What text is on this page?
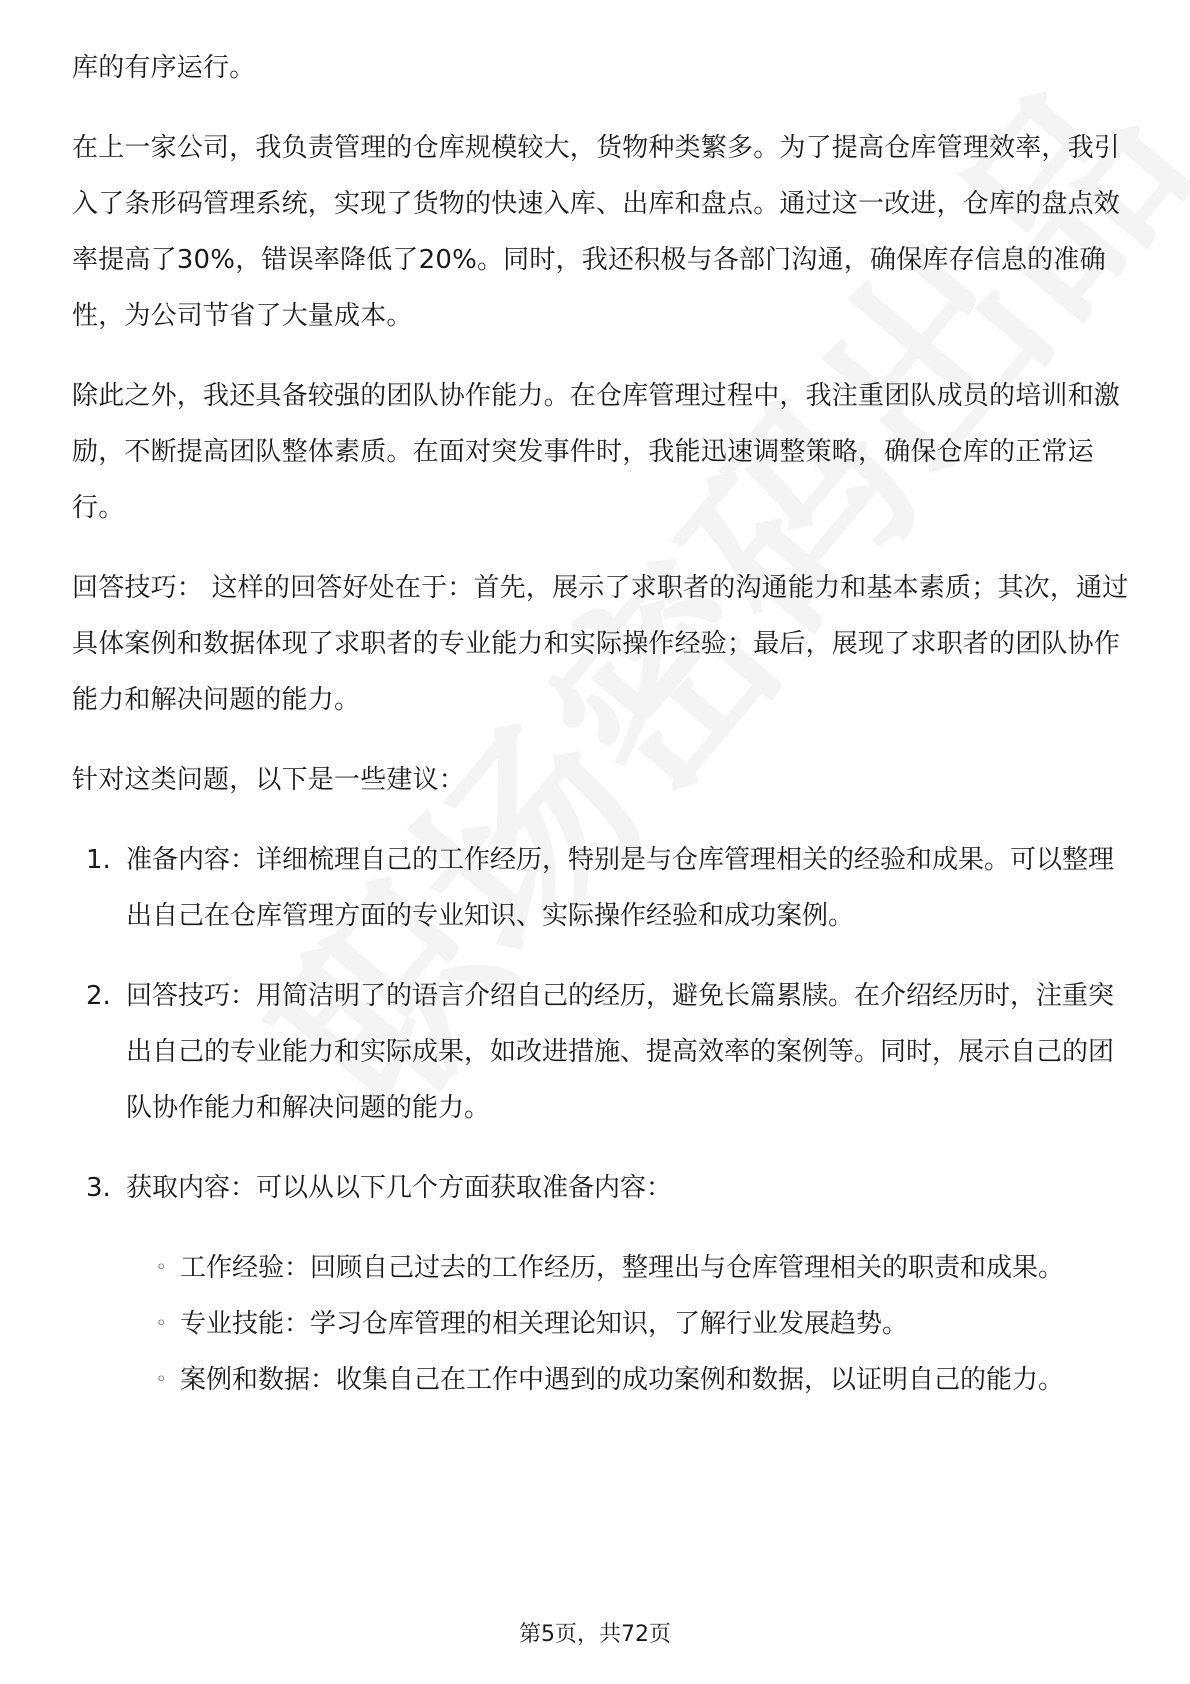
库的有序运行。

在上一家公司，我负责管理的仓库规模较大，货物种类繁多。为了提高仓库管理效率，我引入了条形码管理系统，实现了货物的快速入库、出库和盘点。通过这一改进，仓库的盘点效率提高了30%，错误率降低了20%。同时，我还积极与各部门沟通，确保库存信息的准确性，为公司节省了大量成本。

除此之外，我还具备较强的团队协作能力。在仓库管理过程中，我注重团队成员的培训和激励，不断提高团队整体素质。在面对突发事件时，我能迅速调整策略，确保仓库的正常运行。

回答技巧： 这样的回答好处在于：首先，展示了求职者的沟通能力和基本素质；其次，通过具体案例和数据体现了求职者的专业能力和实际操作经验；最后，展现了求职者的团队协作能力和解决问题的能力。

针对这类问题，以下是一些建议：

1. 准备内容：详细梳理自己的工作经历，特别是与仓库管理相关的经验和成果。可以整理出自己在仓库管理方面的专业知识、实际操作经验和成功案例。
2. 回答技巧：用简洁明了的语言介绍自己的经历，避免长篇累牍。在介绍经历时，注重突出自己的专业能力和实际成果，如改进措施、提高效率的案例等。同时，展示自己的团队协作能力和解决问题的能力。
3. 获取内容：可以从以下几个方面获取准备内容：
◦ 工作经验：回顾自己过去的工作经历，整理出与仓库管理相关的职责和成果。
◦ 专业技能：学习仓库管理的相关理论知识，了解行业发展趋势。
◦ 案例和数据：收集自己在工作中遇到的成功案例和数据，以证明自己的能力。
第5页，共72页
